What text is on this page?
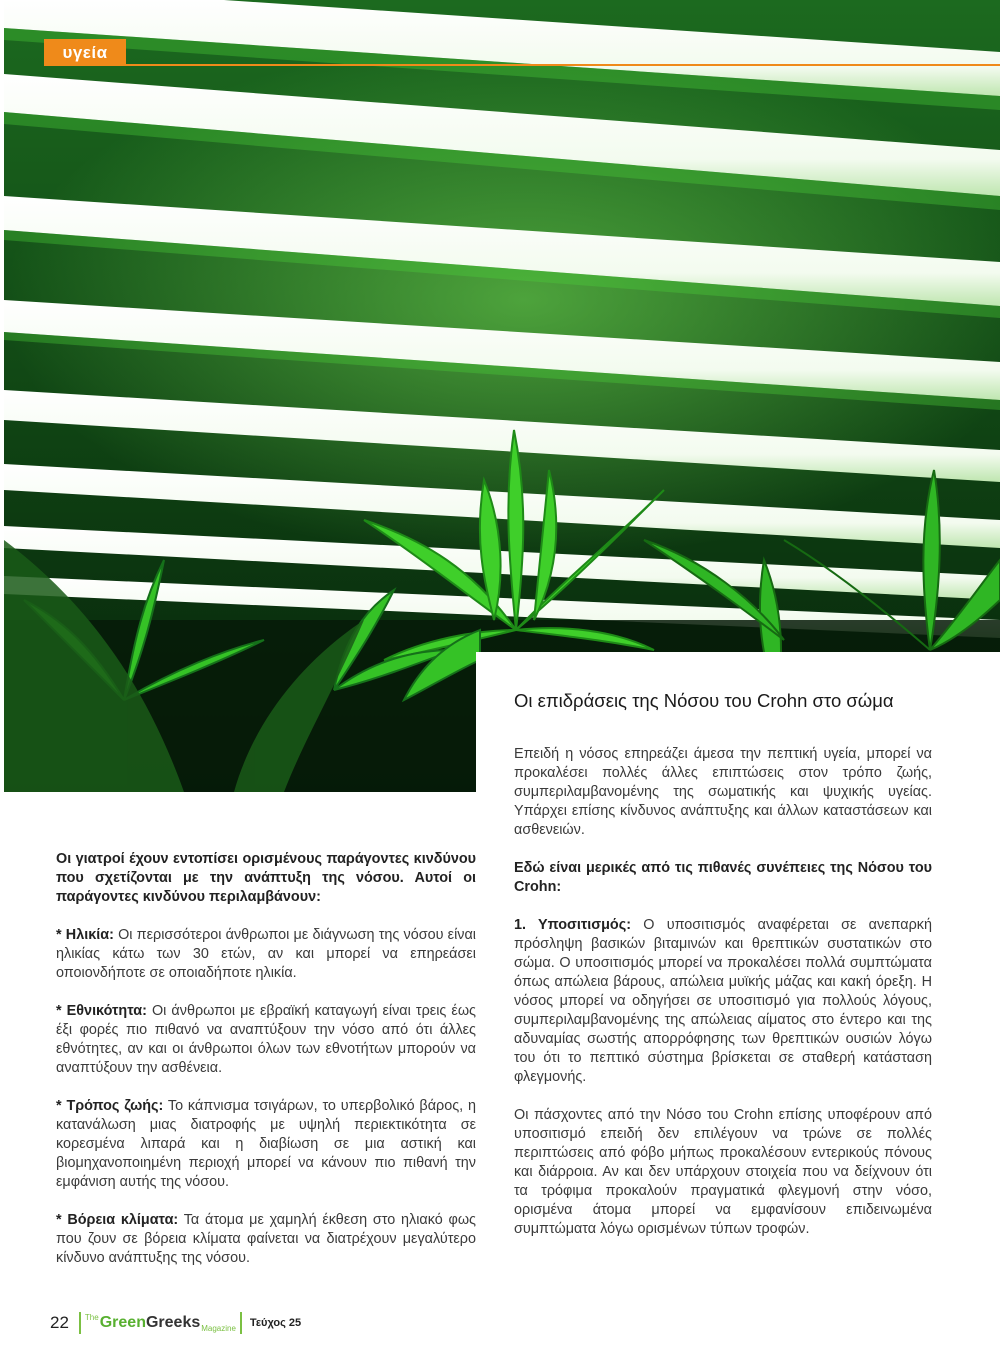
υγεία

Οι γιατροί έχουν εντοπίσει ορισμένους παράγοντες κινδύνου που σχετίζονται με την ανάπτυξη της νόσου. Αυτοί οι παράγοντες κινδύνου περιλαμβάνουν:

* Ηλικία: Οι περισσότεροι άνθρωποι με διάγνωση της νόσου είναι ηλικίας κάτω των 30 ετών, αν και μπορεί να επηρεάσει οποιονδήποτε σε οποιαδήποτε ηλικία.

* Εθνικότητα: Οι άνθρωποι με εβραϊκή καταγωγή είναι τρεις έως έξι φορές πιο πιθανό να αναπτύξουν την νόσο από ότι άλλες εθνότητες, αν και οι άνθρωποι όλων των εθνοτήτων μπορούν να αναπτύξουν την ασθένεια.

* Τρόπος ζωής: Το κάπνισμα τσιγάρων, το υπερβολικό βάρος, η κατανάλωση μιας διατροφής με υψηλή περιεκτικότητα σε κορεσμένα λιπαρά και η διαβίωση σε μια αστική και βιομηχανοποιημένη περιοχή μπορεί να κάνουν πιο πιθανή την εμφάνιση αυτής της νόσου.

* Βόρεια κλίματα: Τα άτομα με χαμηλή έκθεση στο ηλιακό φως που ζουν σε βόρεια κλίματα φαίνεται να διατρέχουν μεγαλύτερο κίνδυνο ανάπτυξης της νόσου.

Οι επιδράσεις της Νόσου του Crohn στο σώμα

Επειδή η νόσος επηρεάζει άμεσα την πεπτική υγεία, μπορεί να προκαλέσει πολλές άλλες επιπτώσεις στον τρόπο ζωής, συμπεριλαμβανομένης της σωματικής και ψυχικής υγείας. Υπάρχει επίσης κίνδυνος ανάπτυξης και άλλων καταστάσεων και ασθενειών.

Εδώ είναι μερικές από τις πιθανές συνέπειες της Νόσου του Crohn:

1. Υποσιτισμός: Ο υποσιτισμός αναφέρεται σε ανεπαρκή πρόσληψη βασικών βιταμινών και θρεπτικών συστατικών στο σώμα. Ο υποσιτισμός μπορεί να προκαλέσει πολλά συμπτώματα όπως απώλεια βάρους, απώλεια μυϊκής μάζας και κακή όρεξη. Η νόσος μπορεί να οδηγήσει σε υποσιτισμό για πολλούς λόγους, συμπεριλαμβανομένης της απώλειας αίματος στο έντερο και της αδυναμίας σωστής απορρόφησης των θρεπτικών ουσιών λόγω του ότι το πεπτικό σύστημα βρίσκεται σε σταθερή κατάσταση φλεγμονής.

Οι πάσχοντες από την Νόσο του Crohn επίσης υποφέρουν από υποσιτισμό επειδή δεν επιλέγουν να τρώνε σε πολλές περιπτώσεις από φόβο μήπως προκαλέσουν εντερικούς πόνους και διάρροια. Αν και δεν υπάρχουν στοιχεία που να δείχνουν ότι τα τρόφιμα προκαλούν πραγματικά φλεγμονή στην νόσο, ορισμένα άτομα μπορεί να εμφανίσουν επιδεινωμένα συμπτώματα λόγω ορισμένων τύπων τροφών.

22 The Green Greeks Magazine Τεύχος 25
